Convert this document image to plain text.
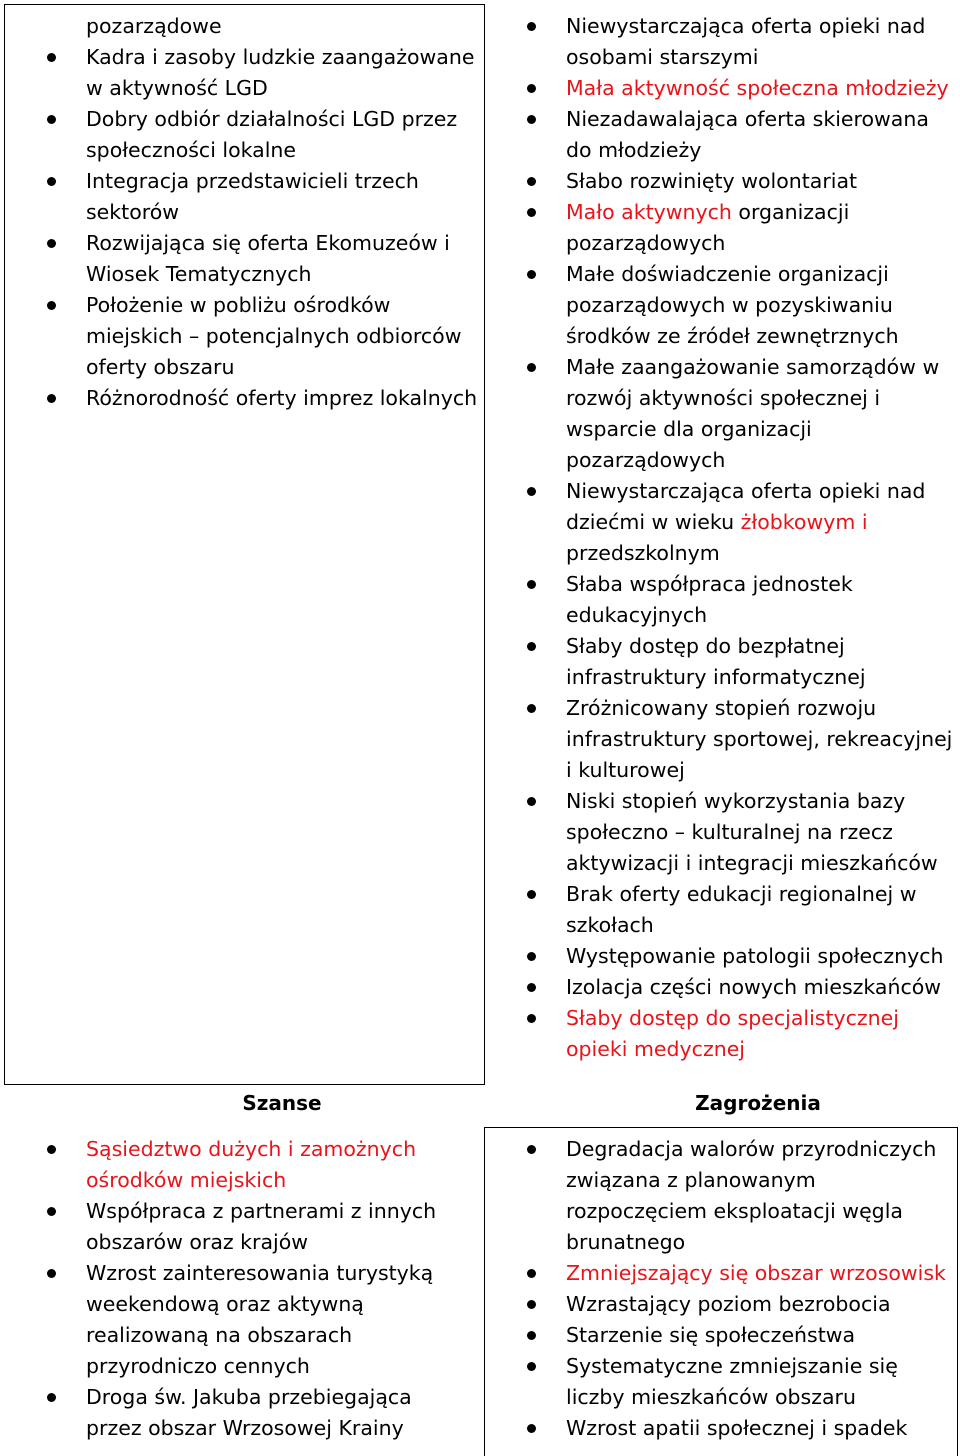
Szanse	Zagrożenia
pozarządowe
Kadra i zasoby ludzkie zaangażowane w aktywność LGD
Dobry odbiór działalności LGD przez społeczności lokalne
Integracja przedstawicieli trzech sektorów
Rozwijająca się oferta Ekomuzeów i Wiosek Tematycznych
Położenie w pobliżu ośrodków miejskich – potencjalnych odbiorców oferty obszaru
Różnorodność oferty imprez lokalnych
Niewystarczająca oferta opieki nad osobami starszymi
Mała aktywność społeczna młodzieży
Niezadawalająca oferta skierowana do młodzieży
Słabo rozwinięty wolontariat
Mało aktywnych organizacji pozarządowych
Małe doświadczenie organizacji pozarządowych w pozyskiwaniu środków ze źródeł zewnętrznych
Małe zaangażowanie samorządów w rozwój aktywności społecznej i wsparcie dla organizacji pozarządowych
Niewystarczająca oferta opieki nad dziećmi w wieku żłobkowym i przedszkolnym
Słaba współpraca jednostek edukacyjnych
Słaby dostęp do bezpłatnej infrastruktury informatycznej
Zróżnicowany stopień rozwoju infrastruktury sportowej, rekreacyjnej i kulturowej
Niski stopień wykorzystania bazy społeczno – kulturalnej na rzecz aktywizacji i integracji mieszkańców
Brak oferty edukacji regionalnej w szkołach
Występowanie patologii społecznych
Izolacja części nowych mieszkańców
Słaby dostęp do specjalistycznej opieki medycznej
Sąsiedztwo dużych i zamożnych ośrodków miejskich
Współpraca z partnerami z innych obszarów oraz krajów
Wzrost zainteresowania turystyką weekendową oraz aktywną realizowaną na obszarach przyrodniczo cennych
Droga św. Jakuba przebiegająca przez obszar Wrzosowej Krainy
Degradacja walorów przyrodniczych związana z planowanym rozpoczęciem eksploatacji węgla brunatnego
Zmniejszający się obszar wrzosowisk
Wzrastający poziom bezrobocia
Starzenie się społeczeństwa
Systematyczne zmniejszanie się liczby mieszkańców obszaru
Wzrost apatii społecznej i spadek
